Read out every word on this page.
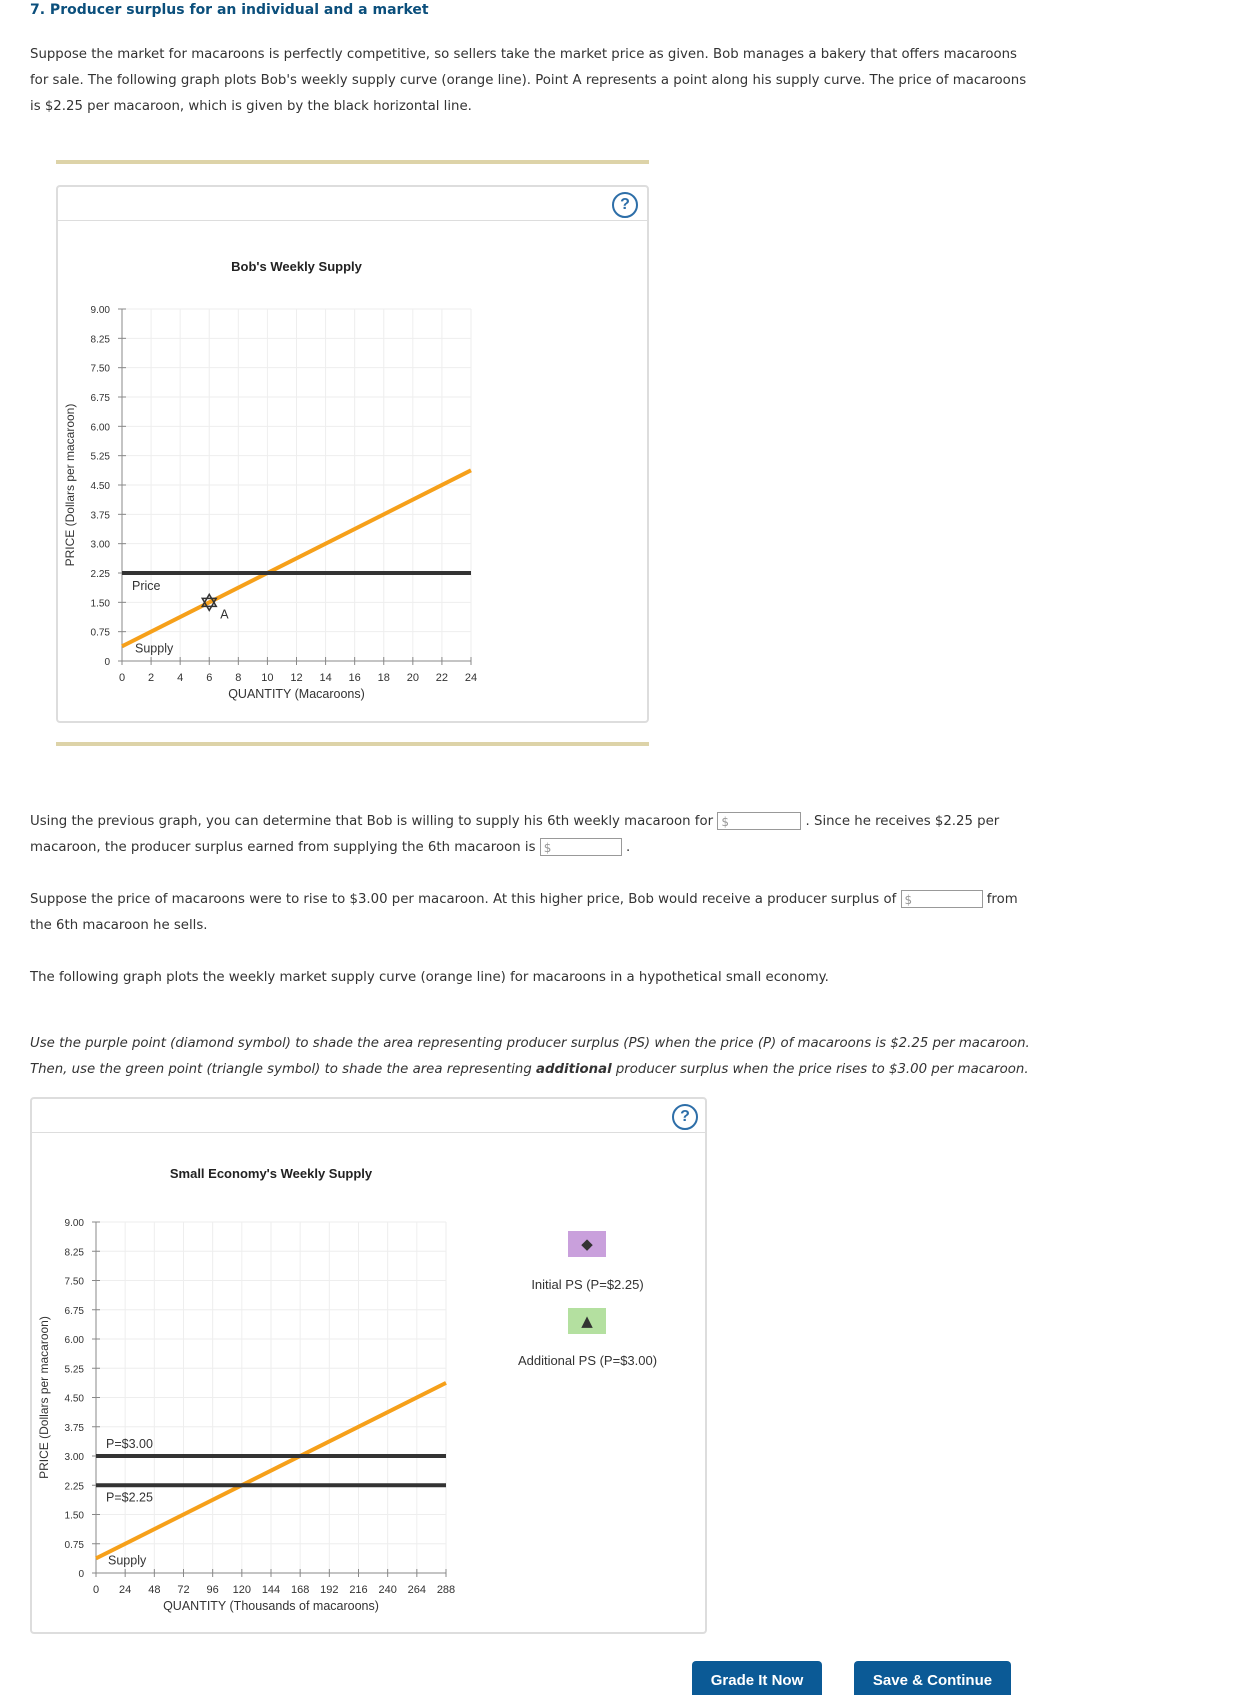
7. Producer surplus for an individual and a market
Suppose the market for macaroons is perfectly competitive, so sellers take the market price as given. Bob manages a bakery that offers macaroons
for sale. The following graph plots Bob's weekly supply curve (orange line). Point A represents a point along his supply curve. The price of macaroons
is $2.25 per macaroon, which is given by the black horizontal line.
?
Bob's Weekly Supply
0 2 4 6 8 10 12 14 16 18 20 22 24
0
0.75
1.50
2.25
3.00
3.75
4.50
5.25
6.00
6.75
7.50
8.25
9.00
QUANTITY (Macaroons)
PRICE (Dollars per macaroon)
Price
Supply
A
Using the previous graph, you can determine that Bob is willing to supply his 6th weekly macaroon for $	. Since he receives $2.25 per
macaroon, the producer surplus earned from supplying the 6th macaroon is $	.
Suppose the price of macaroons were to rise to $3.00 per macaroon. At this higher price, Bob would receive a producer surplus of $	from
the 6th macaroon he sells.
The following graph plots the weekly market supply curve (orange line) for macaroons in a hypothetical small economy.
Use the purple point (diamond symbol) to shade the area representing producer surplus (PS) when the price (P) of macaroons is $2.25 per macaroon.
Then, use the green point (triangle symbol) to shade the area representing additional producer surplus when the price rises to $3.00 per macaroon.
?
Small Economy's Weekly Supply
0 24 48 72 96 120 144 168 192 216 240 264 288
0
0.75
1.50
2.25
3.00
3.75
4.50
5.25
6.00
6.75
7.50
8.25
9.00
QUANTITY (Thousands of macaroons)
PRICE (Dollars per macaroon)	P=$3.00
P=$2.25
Supply
◆
Initial PS (P=$2.25)
▲
Additional PS (P=$3.00)
Grade It Now	Save & Continue
